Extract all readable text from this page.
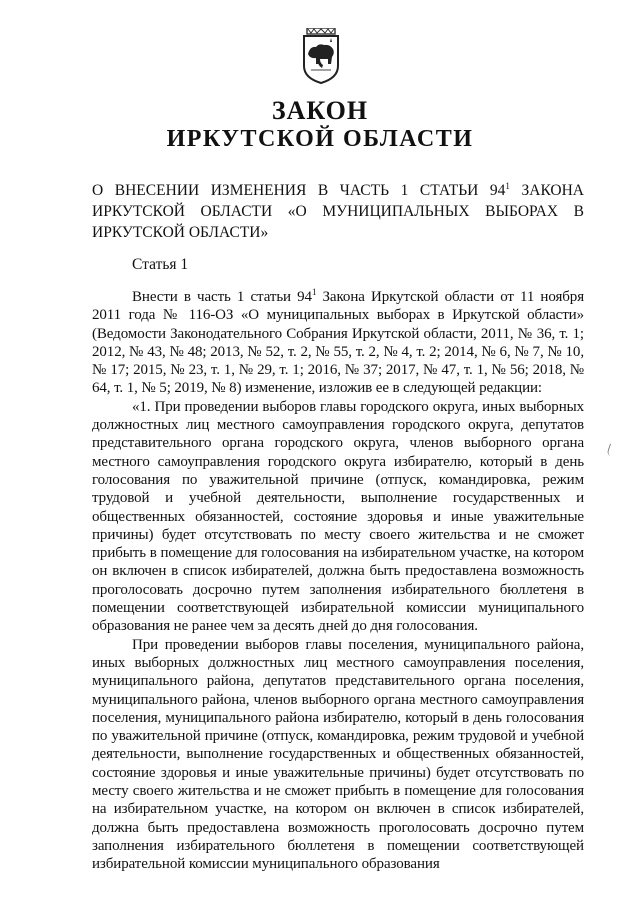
ЗАКОН
ИРКУТСКОЙ ОБЛАСТИ
О ВНЕСЕНИИ ИЗМЕНЕНИЯ В ЧАСТЬ 1 СТАТЬИ $94^1$ ЗАКОНА ИРКУТСКОЙ ОБЛАСТИ «О МУНИЦИПАЛЬНЫХ ВЫБОРАХ В ИРКУТСКОЙ ОБЛАСТИ»
Статья 1

Внести в часть 1 статьи $94^1$ Закона Иркутской области от 11 ноября 2011 года № 116-ОЗ «О муниципальных выборах в Иркутской области» (Ведомости Законодательного Собрания Иркутской области, 2011, № 36, т. 1; 2012, № 43, № 48; 2013, № 52, т. 2, № 55, т. 2, № 4, т. 2; 2014, № 6, № 7, № 10, № 17; 2015, № 23, т. 1, № 29, т. 1; 2016, № 37; 2017, № 47, т. 1, № 56; 2018, № 64, т. 1, № 5; 2019, № 8) изменение, изложив ее в следующей редакции:

«1. При проведении выборов главы городского округа, иных выборных должностных лиц местного самоуправления городского округа, депутатов представительного органа городского округа, членов выборного органа местного самоуправления городского округа избирателю, который в день голосования по уважительной причине (отпуск, командировка, режим трудовой и учебной деятельности, выполнение государственных и общественных обязанностей, состояние здоровья и иные уважительные причины) будет отсутствовать по месту своего жительства и не сможет прибыть в помещение для голосования на избирательном участке, на котором он включен в список избирателей, должна быть предоставлена возможность проголосовать досрочно путем заполнения избирательного бюллетеня в помещении соответствующей избирательной комиссии муниципального образования не ранее чем за десять дней до дня голосования.

При проведении выборов главы поселения, муниципального района, иных выборных должностных лиц местного самоуправления поселения, муниципального района, депутатов представительного органа поселения, муниципального района, членов выборного органа местного самоуправления поселения, муниципального района избирателю, который в день голосования по уважительной причине (отпуск, командировка, режим трудовой и учебной деятельности, выполнение государственных и общественных обязанностей, состояние здоровья и иные уважительные причины) будет отсутствовать по месту своего жительства и не сможет прибыть в помещение для голосования на избирательном участке, на котором он включен в список избирателей, должна быть предоставлена возможность проголосовать досрочно путем заполнения избирательного бюллетеня в помещении соответствующей избирательной комиссии муниципального образования
